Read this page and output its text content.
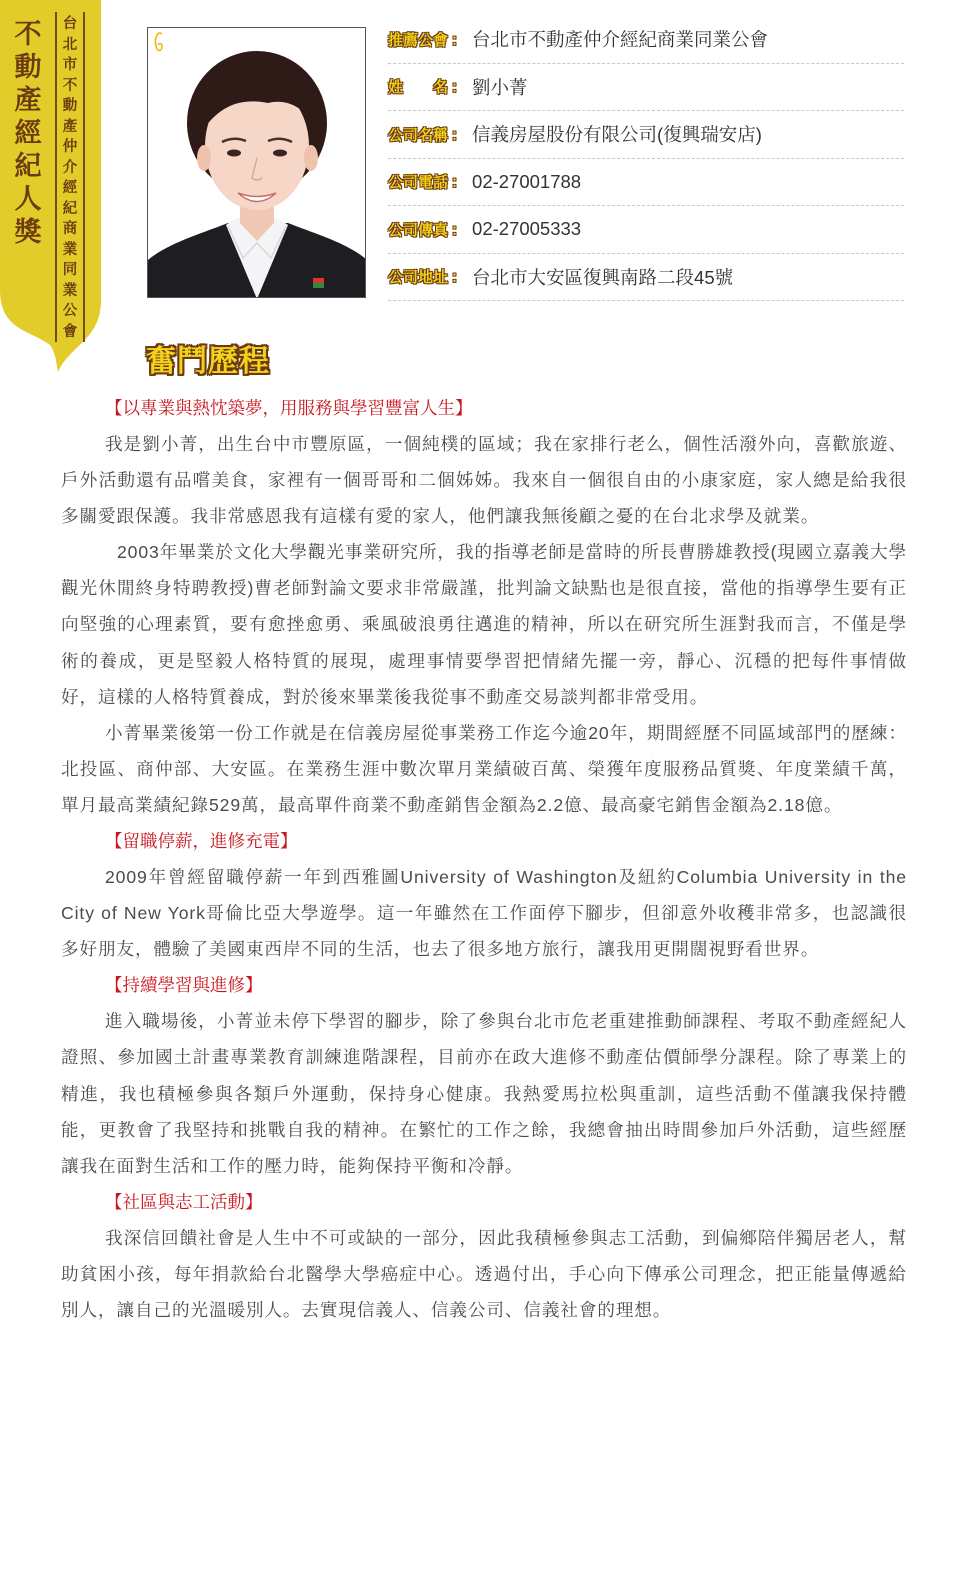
不
動
產
經
紀
人
獎
台
北
市
不
動
產
仲
介
經
紀
商
業
同
業
公
會
推薦公會 ： 台北市不動產仲介經紀商業同業公會
姓　　名 ： 劉小菁
公司名稱 ： 信義房屋股份有限公司(復興瑞安店)
公司電話 ： 02-27001788
公司傳真 ： 02-27005333
公司地址 ： 台北市大安區復興南路二段45號
奮鬥歷程
【以專業與熱忱築夢，用服務與學習豐富人生】

我是劉小菁，出生台中市豐原區，一個純樸的區域；我在家排行老么，個性活潑外向，喜歡旅遊、戶外活動還有品嚐美食，家裡有一個哥哥和二個姊姊。我來自一個很自由的小康家庭，家人總是給我很多關愛跟保護。我非常感恩我有這樣有愛的家人，他們讓我無後顧之憂的在台北求學及就業。

2003年畢業於文化大學觀光事業研究所，我的指導老師是當時的所長曹勝雄教授(現國立嘉義大學觀光休閒終身特聘教授)曹老師對論文要求非常嚴謹，批判論文缺點也是很直接，當他的指導學生要有正向堅強的心理素質，要有愈挫愈勇、乘風破浪勇往邁進的精神，所以在研究所生涯對我而言，不僅是學術的養成，更是堅毅人格特質的展現，處理事情要學習把情緒先擺一旁，靜心、沉穩的把每件事情做好，這樣的人格特質養成，對於後來畢業後我從事不動產交易談判都非常受用。

小菁畢業後第一份工作就是在信義房屋從事業務工作迄今逾20年，期間經歷不同區域部門的歷練：北投區、商仲部、大安區。在業務生涯中數次單月業績破百萬、榮獲年度服務品質獎、年度業績千萬，單月最高業績紀錄529萬，最高單件商業不動產銷售金額為2.2億、最高豪宅銷售金額為2.18億。

【留職停薪，進修充電】

2009年曾經留職停薪一年到西雅圖University of Washington及紐約Columbia University in the City of New York哥倫比亞大學遊學。這一年雖然在工作面停下腳步，但卻意外收穫非常多，也認識很多好朋友，體驗了美國東西岸不同的生活，也去了很多地方旅行，讓我用更開闊視野看世界。

【持續學習與進修】

進入職場後，小菁並未停下學習的腳步，除了參與台北市危老重建推動師課程、考取不動產經紀人證照、參加國土計畫專業教育訓練進階課程，目前亦在政大進修不動產估價師學分課程。除了專業上的精進，我也積極參與各類戶外運動，保持身心健康。我熱愛馬拉松與重訓，這些活動不僅讓我保持體能，更教會了我堅持和挑戰自我的精神。在繁忙的工作之餘，我總會抽出時間參加戶外活動，這些經歷讓我在面對生活和工作的壓力時，能夠保持平衡和冷靜。

【社區與志工活動】

我深信回饋社會是人生中不可或缺的一部分，因此我積極參與志工活動，到偏鄉陪伴獨居老人，幫助貧困小孩，每年捐款給台北醫學大學癌症中心。透過付出，手心向下傳承公司理念，把正能量傳遞給別人，讓自己的光溫暖別人。去實現信義人、信義公司、信義社會的理想。
